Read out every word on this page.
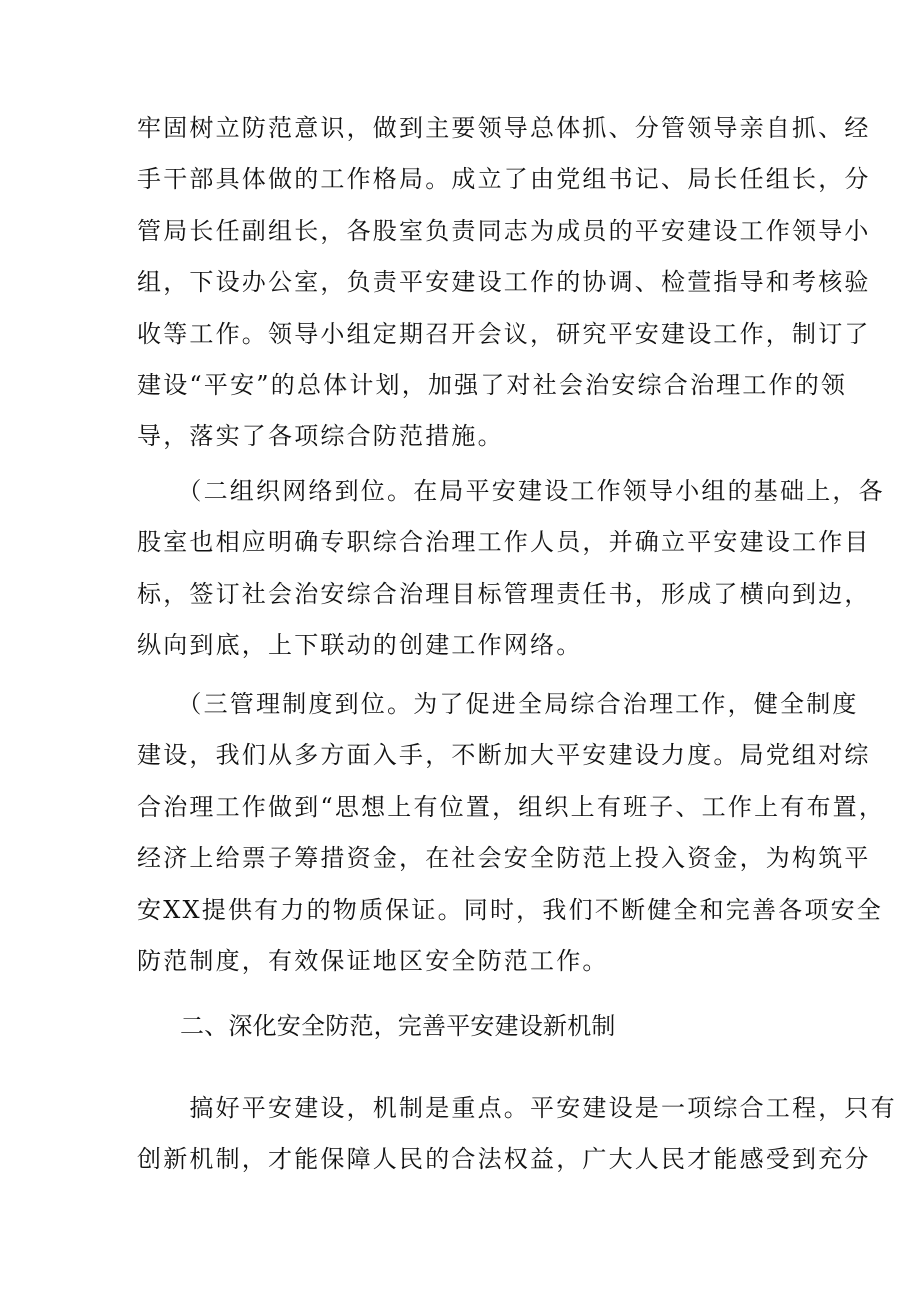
牢固树立防范意识，做到主要领导总体抓、分管领导亲自抓、经
手干部具体做的工作格局。成立了由党组书记、局长任组长，分
管局长任副组长，各股室负责同志为成员的平安建设工作领导小
组，下设办公室，负责平安建设工作的协调、检萱指导和考核验
收等工作。领导小组定期召开会议，研究平安建设工作，制订了
建设“平安”的总体计划，加强了对社会治安综合治理工作的领
导，落实了各项综合防范措施。
　　（二组织网络到位。在局平安建设工作领导小组的基础上，各
股室也相应明确专职综合治理工作人员，并确立平安建设工作目
标，签订社会治安综合治理目标管理责任书，形成了横向到边，
纵向到底，上下联动的创建工作网络。
　　（三管理制度到位。为了促进全局综合治理工作，健全制度
建设，我们从多方面入手，不断加大平安建设力度。局党组对综
合治理工作做到“思想上有位置，组织上有班子、工作上有布置，
经济上给票子筹措资金，在社会安全防范上投入资金，为构筑平
安XX提供有力的物质保证。同时，我们不断健全和完善各项安全
防范制度，有效保证地区安全防范工作。
二、深化安全防范，完善平安建设新机制
　　搞好平安建设，机制是重点。平安建设是一项综合工程，只有
创新机制，才能保障人民的合法权益，广大人民才能感受到充分
